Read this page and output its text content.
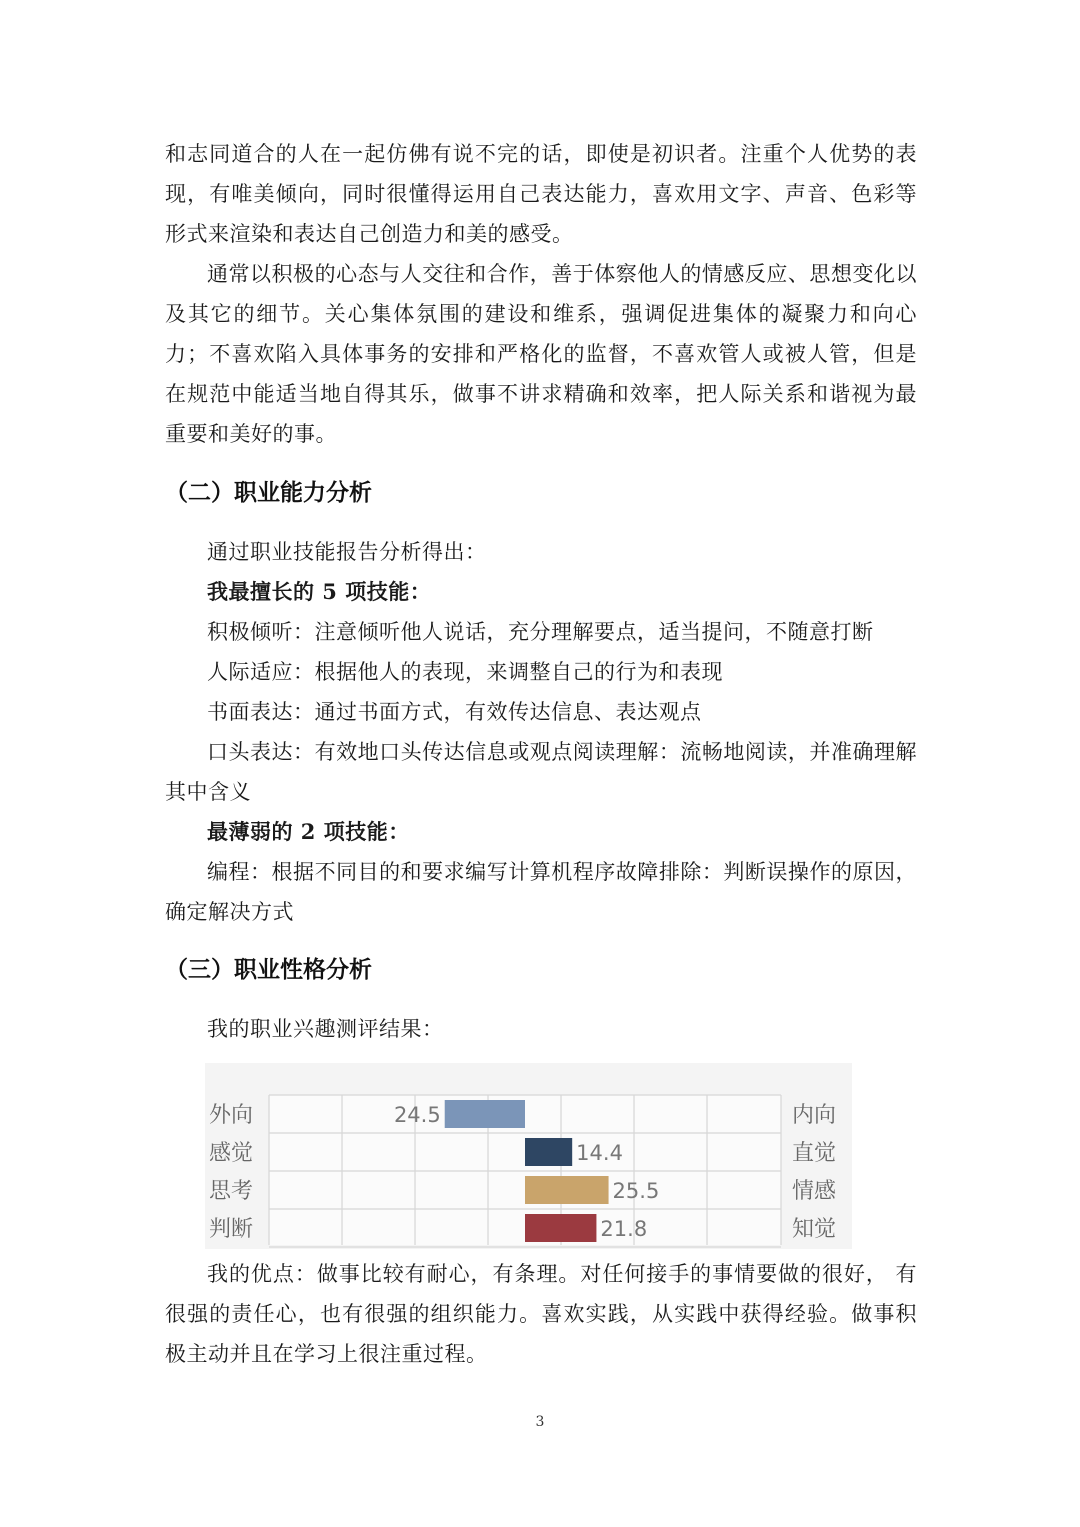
和志同道合的人在一起仿佛有说不完的话，即使是初识者。注重个人优势的表现，有唯美倾向，同时很懂得运用自己表达能力，喜欢用文字、声音、色彩等形式来渲染和表达自己创造力和美的感受。

通常以积极的心态与人交往和合作，善于体察他人的情感反应、思想变化以及其它的细节。关心集体氛围的建设和维系，强调促进集体的凝聚力和向心力；不喜欢陷入具体事务的安排和严格化的监督，不喜欢管人或被人管，但是在规范中能适当地自得其乐，做事不讲求精确和效率，把人际关系和谐视为最重要和美好的事。

（二）职业能力分析

通过职业技能报告分析得出：

我最擅长的 5 项技能：

积极倾听：注意倾听他人说话，充分理解要点，适当提问，不随意打断

人际适应：根据他人的表现，来调整自己的行为和表现

书面表达：通过书面方式，有效传达信息、表达观点

口头表达：有效地口头传达信息或观点阅读理解：流畅地阅读，并准确理解其中含义

最薄弱的 2 项技能：

编程：根据不同目的和要求编写计算机程序故障排除：判断误操作的原因，确定解决方式

（三）职业性格分析

我的职业兴趣测评结果：

外向	内向
24.5
感觉	直觉
14.4
思考	情感
25.5
判断	知觉
21.8

我的优点：做事比较有耐心，有条理。对任何接手的事情要做的很好， 有很强的责任心，也有很强的组织能力。喜欢实践，从实践中获得经验。做事积极主动并且在学习上很注重过程。

3
